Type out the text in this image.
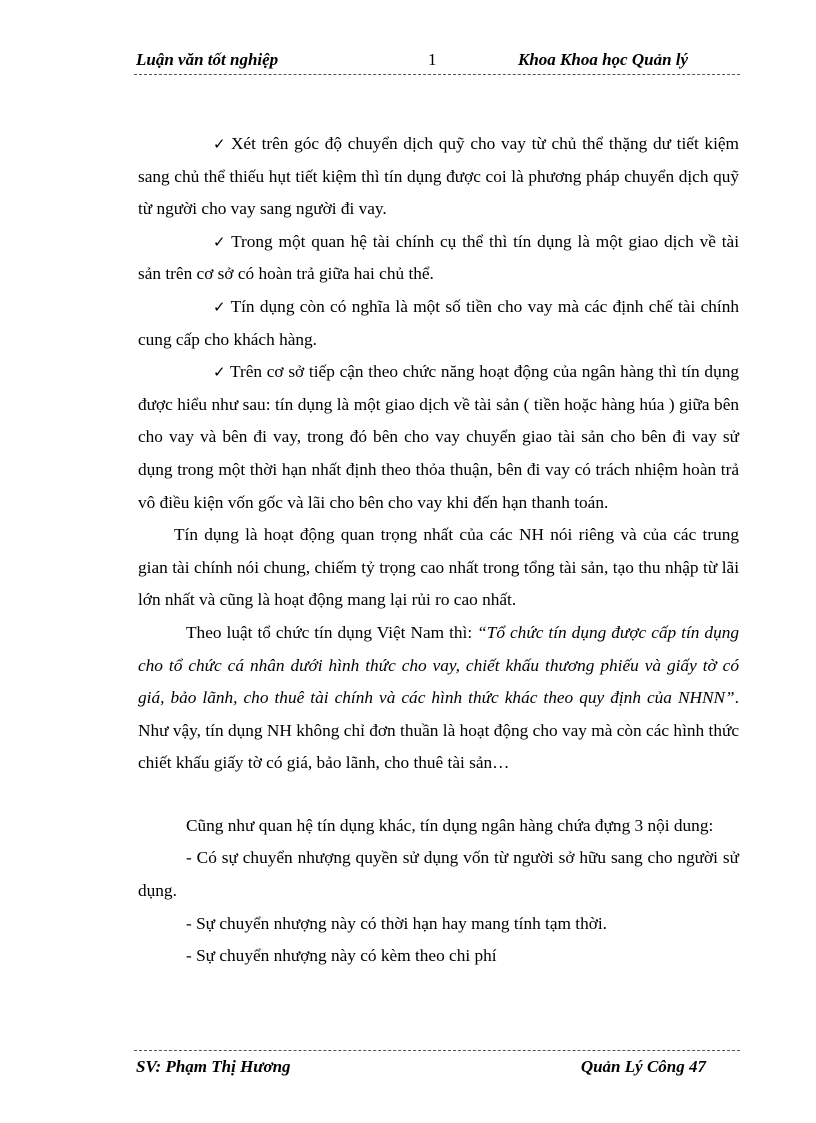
Luận văn tốt nghiệp	1	Khoa Khoa học Quản lý

✓ Xét trên góc độ chuyển dịch quỹ cho vay từ chủ thể thặng dư tiết kiệm sang chủ thể thiếu hụt tiết kiệm thì tín dụng được coi là phương pháp chuyển dịch quỹ từ người cho vay sang người đi vay.

✓ Trong một quan hệ tài chính cụ thể thì tín dụng là một giao dịch về tài sản trên cơ sở có hoàn trả giữa hai chủ thể.

✓ Tín dụng còn có nghĩa là một số tiền cho vay mà các định chế tài chính cung cấp cho khách hàng.

✓ Trên cơ sở tiếp cận theo chức năng hoạt động của ngân hàng thì tín dụng được hiểu như sau: tín dụng là một giao dịch về tài sản ( tiền hoặc hàng húa ) giữa bên cho vay và bên đi vay, trong đó bên cho vay chuyển giao tài sản cho bên đi vay sử dụng trong một thời hạn nhất định theo thỏa thuận, bên đi vay có trách nhiệm hoàn trả vô điều kiện vốn gốc và lãi cho bên cho vay khi đến hạn thanh toán.

Tín dụng là hoạt động quan trọng nhất của các NH nói riêng và của các trung gian tài chính nói chung, chiếm tỷ trọng cao nhất trong tổng tài sản, tạo thu nhập từ lãi lớn nhất và cũng là hoạt động mang lại rủi ro cao nhất.

Theo luật tổ chức tín dụng Việt Nam thì: “Tổ chức tín dụng được cấp tín dụng cho tổ chức cá nhân dưới hình thức cho vay, chiết khấu thương phiếu và giấy tờ có giá, bảo lãnh, cho thuê tài chính và các hình thức khác theo quy định của NHNN”. Như vậy, tín dụng NH không chỉ đơn thuần là hoạt động cho vay mà còn các hình thức chiết khấu giấy tờ có giá, bảo lãnh, cho thuê tài sản…

Cũng như quan hệ tín dụng khác, tín dụng ngân hàng chứa đựng 3 nội dung:

- Có sự chuyển nhượng quyền sử dụng vốn từ người sở hữu sang cho người sử dụng.

- Sự chuyển nhượng này có thời hạn hay mang tính tạm thời.

- Sự chuyển nhượng này có kèm theo chi phí

SV: Phạm Thị Hương	Quản Lý Công 47
